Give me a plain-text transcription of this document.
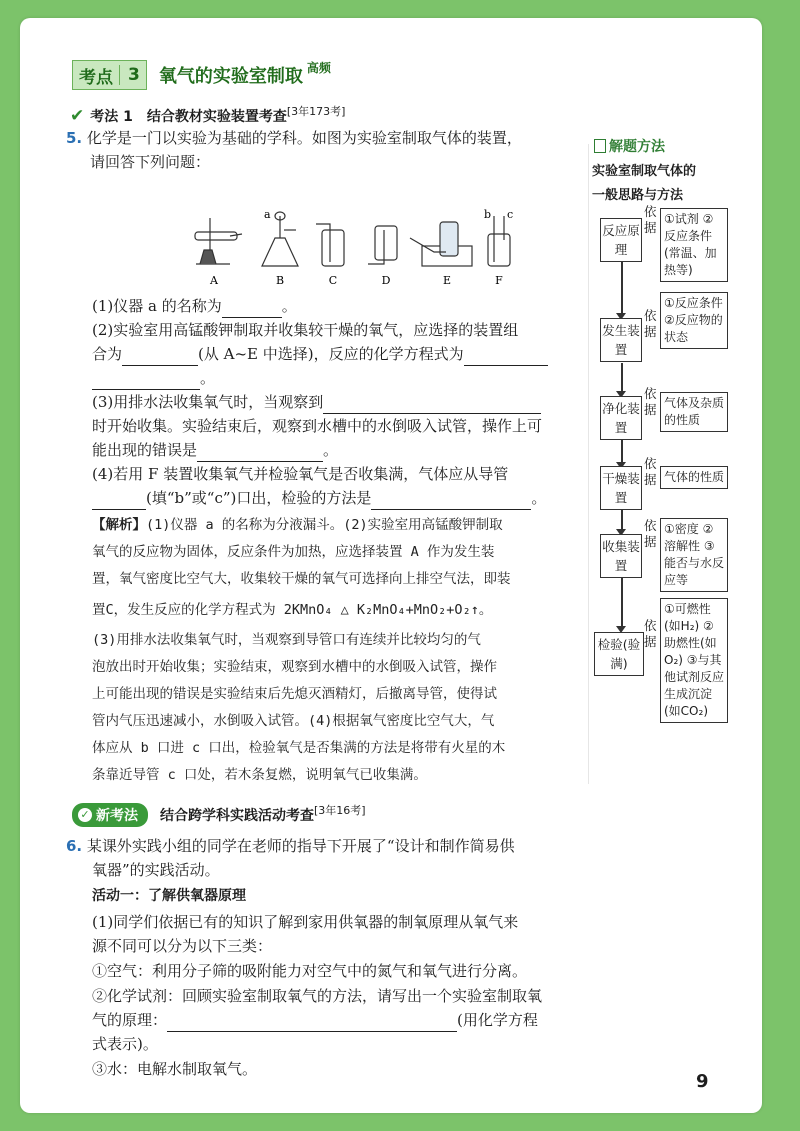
考点 3 氧气的实验室制取 高频
✔ 考法 1　结合教材实验装置考查 [3年173考]
5. 化学是一门以实验为基础的学科。如图为实验室制取气体的装置，
请回答下列问题：
A	B	C	D	E	F
a	b c
(1)仪器 a 的名称为	。
(2)实验室用高锰酸钾制取并收集较干燥的氧气，应选择的装置组
合为	(从 A~E 中选择)，反应的化学方程式为
。
(3)用排水法收集氧气时，当观察到
时开始收集。实验结束后，观察到水槽中的水倒吸入试管，操作上可
能出现的错误是	。
(4)若用 F 装置收集氧气并检验氧气是否收集满，气体应从导管
(填“b”或“c”)口出，检验的方法是	。
【解析】(1)仪器 a 的名称为分液漏斗。(2)实验室用高锰酸钾制取
氧气的反应物为固体，反应条件为加热，应选择装置 A 作为发生装
置，氧气密度比空气大，收集较干燥的氧气可选择向上排空气法，即装
置C，发生反应的化学方程式为 2KMnO₄ △ K₂MnO₄+MnO₂+O₂↑。
(3)用排水法收集氧气时，当观察到导管口有连续并比较均匀的气
泡放出时开始收集；实验结束，观察到水槽中的水倒吸入试管，操作
上可能出现的错误是实验结束后先熄灭酒精灯，后撤离导管，使得试
管内气压迅速减小，水倒吸入试管。(4)根据氧气密度比空气大，气
体应从 b 口进 c 口出，检验氧气是否集满的方法是将带有火星的木
条靠近导管 c 口处，若木条复燃，说明氧气已收集满。
✓ 新考法 结合跨学科实践活动考查 [3年16考]
6. 某课外实践小组的同学在老师的指导下开展了“设计和制作简易供
氧器”的实践活动。
活动一：了解供氧器原理
(1)同学们依据已有的知识了解到家用供氧器的制氧原理从氧气来
源不同可以分为以下三类：
①空气：利用分子筛的吸附能力对空气中的氮气和氧气进行分离。
②化学试剂：回顾实验室制取氧气的方法，请写出一个实验室制取氧
气的原理：	(用化学方程
式表示)。
③水：电解水制取氧气。
解题方法
实验室制取气体的
一般思路与方法
反应原理
依据
①试剂 ②反应条件(常温、加热等)
发生装置
依据
①反应条件 ②反应物的状态
净化装置
依据 气体及杂质的性质
干燥装置
依据 气体的性质
收集装置
依据
①密度 ②溶解性 ③能否与水反应等
检验(验满)
依据
①可燃性(如H₂) ②助燃性(如O₂) ③与其他试剂反应生成沉淀(如CO₂)
9
